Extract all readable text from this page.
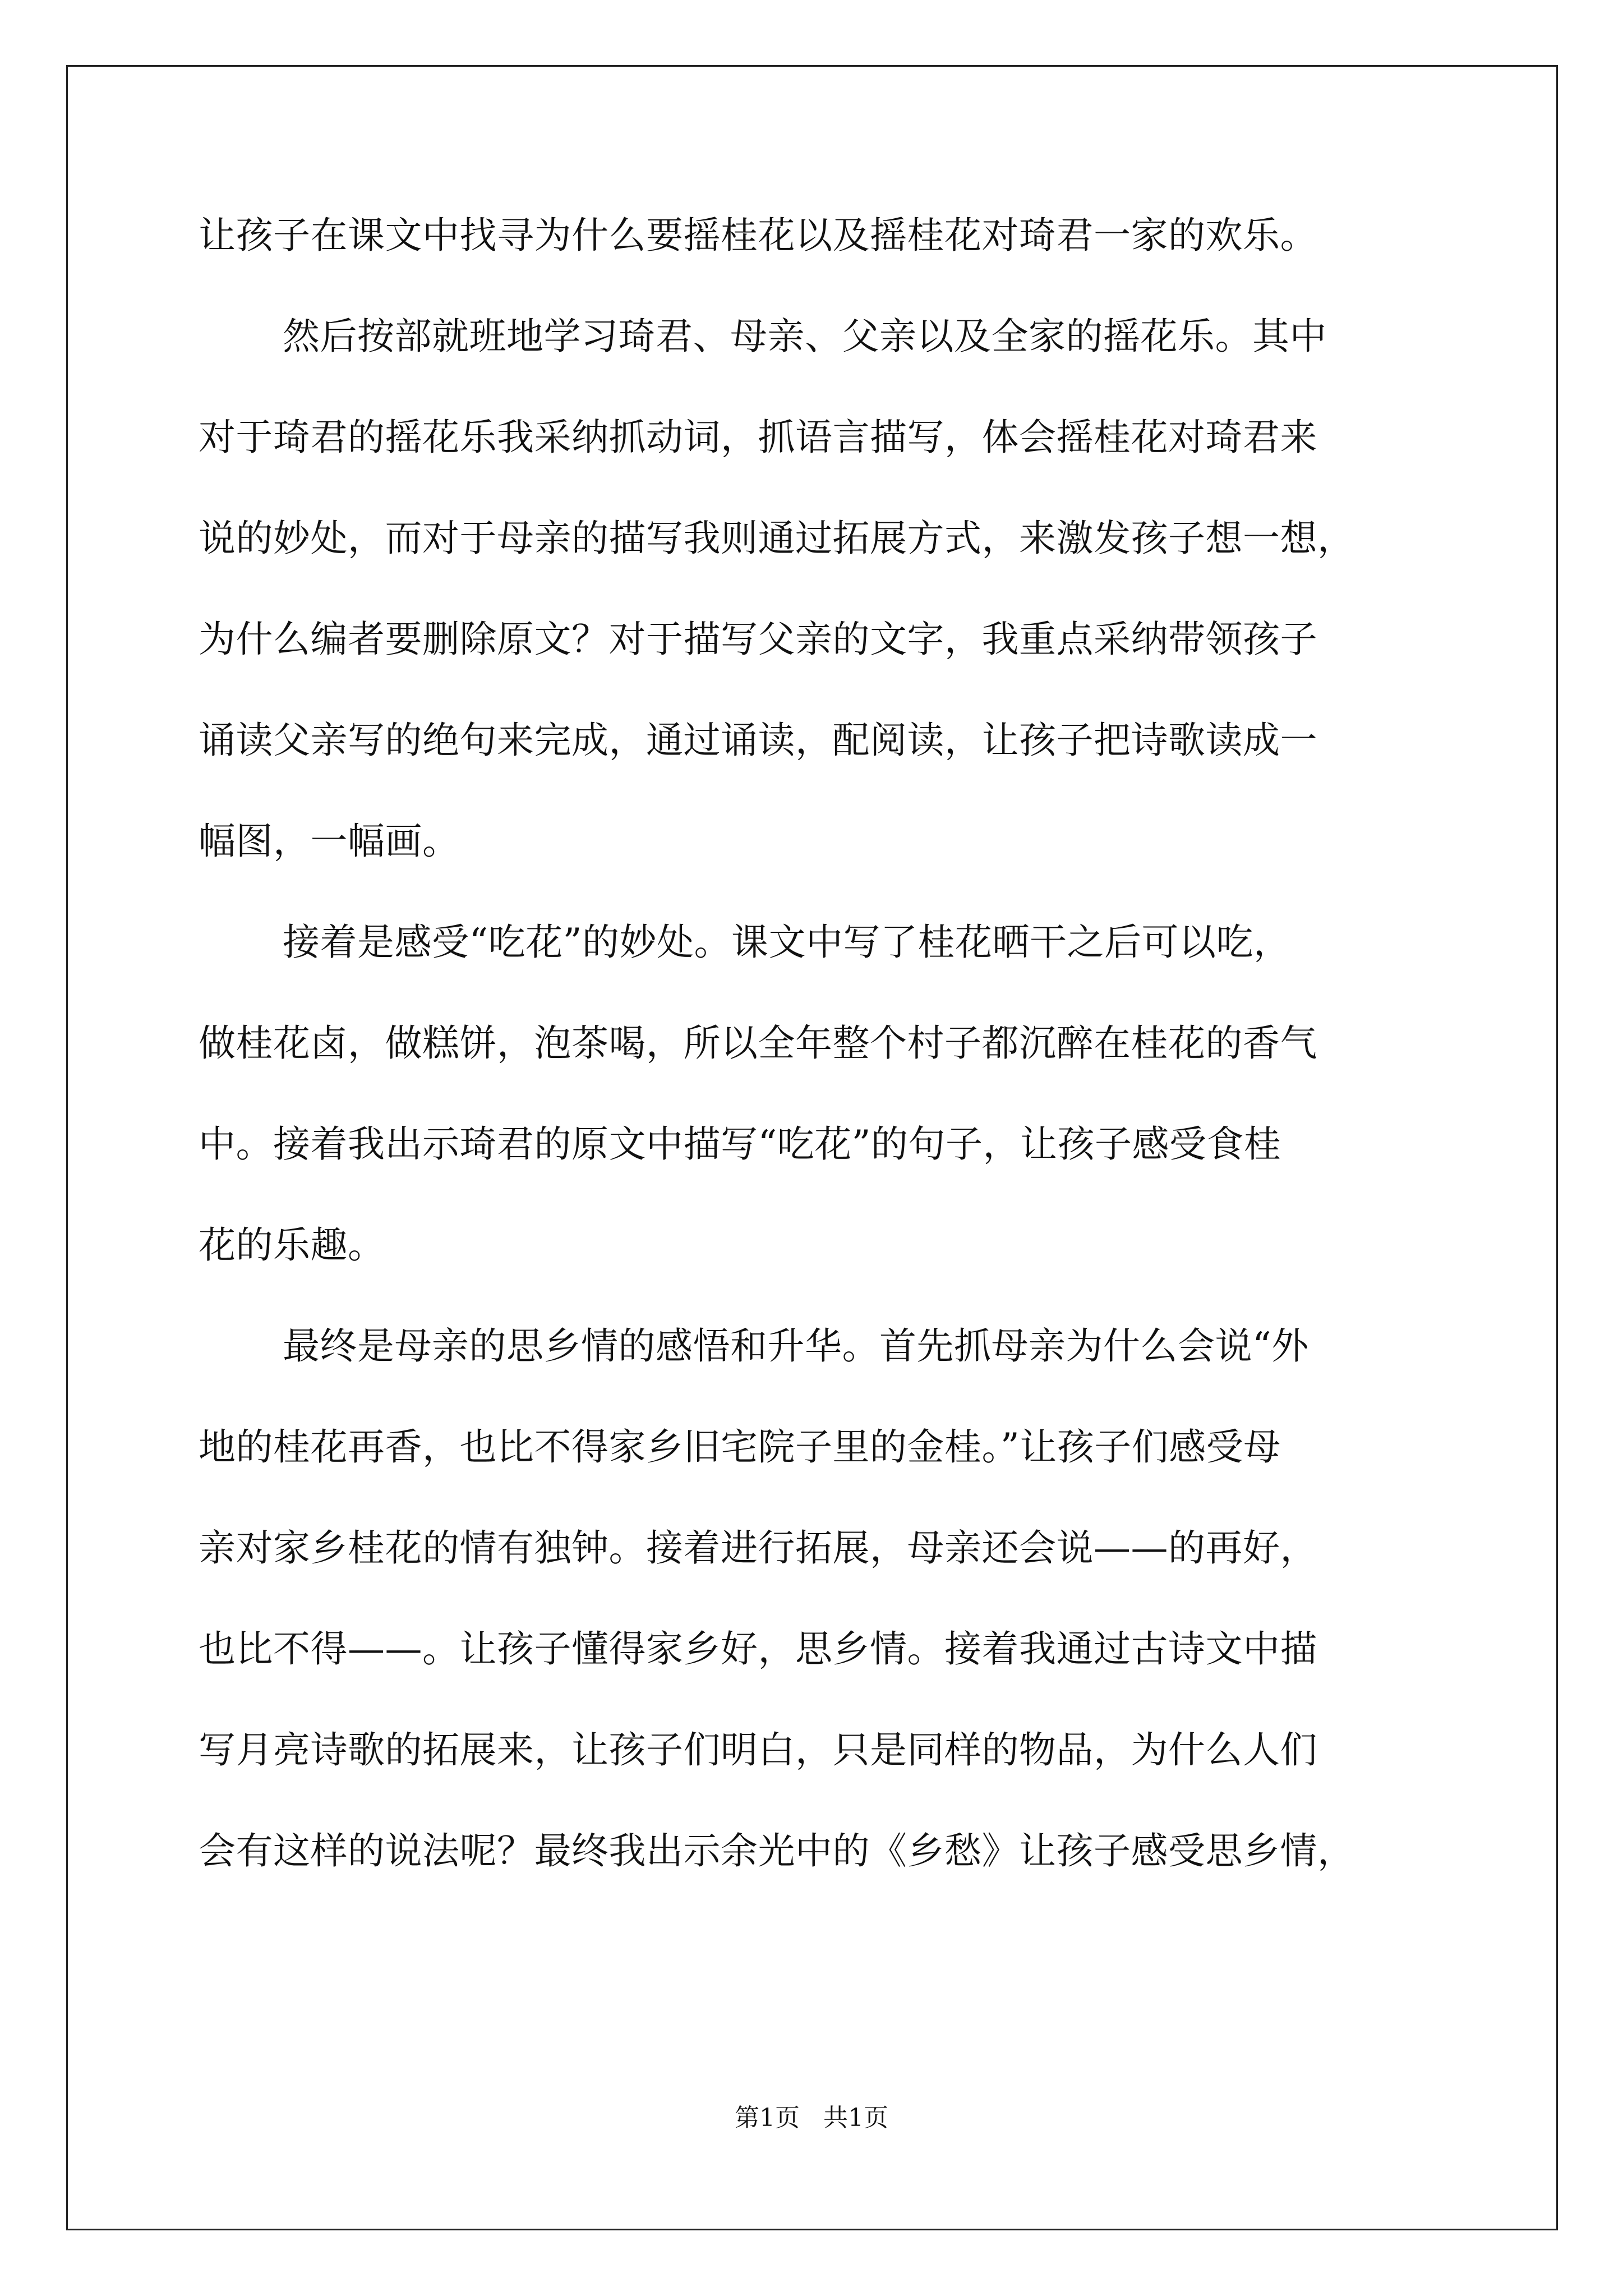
让孩子在课文中找寻为什么要摇桂花以及摇桂花对琦君一家的欢乐。
然后按部就班地学习琦君、母亲、父亲以及全家的摇花乐。其中
对于琦君的摇花乐我采纳抓动词，抓语言描写，体会摇桂花对琦君来
说的妙处，而对于母亲的描写我则通过拓展方式，来激发孩子想一想，
为什么编者要删除原文？对于描写父亲的文字，我重点采纳带领孩子
诵读父亲写的绝句来完成，通过诵读，配阅读，让孩子把诗歌读成一
幅图，一幅画。
接着是感受“吃花”的妙处。课文中写了桂花晒干之后可以吃，
做桂花卤，做糕饼，泡茶喝，所以全年整个村子都沉醉在桂花的香气
中。接着我出示琦君的原文中描写“吃花”的句子，让孩子感受食桂
花的乐趣。
最终是母亲的思乡情的感悟和升华。首先抓母亲为什么会说“外
地的桂花再香，也比不得家乡旧宅院子里的金桂。”让孩子们感受母
亲对家乡桂花的情有独钟。接着进行拓展，母亲还会说——的再好，
也比不得——。让孩子懂得家乡好，思乡情。接着我通过古诗文中描
写月亮诗歌的拓展来，让孩子们明白，只是同样的物品，为什么人们
会有这样的说法呢？最终我出示余光中的《乡愁》让孩子感受思乡情，
第1页   共1页
